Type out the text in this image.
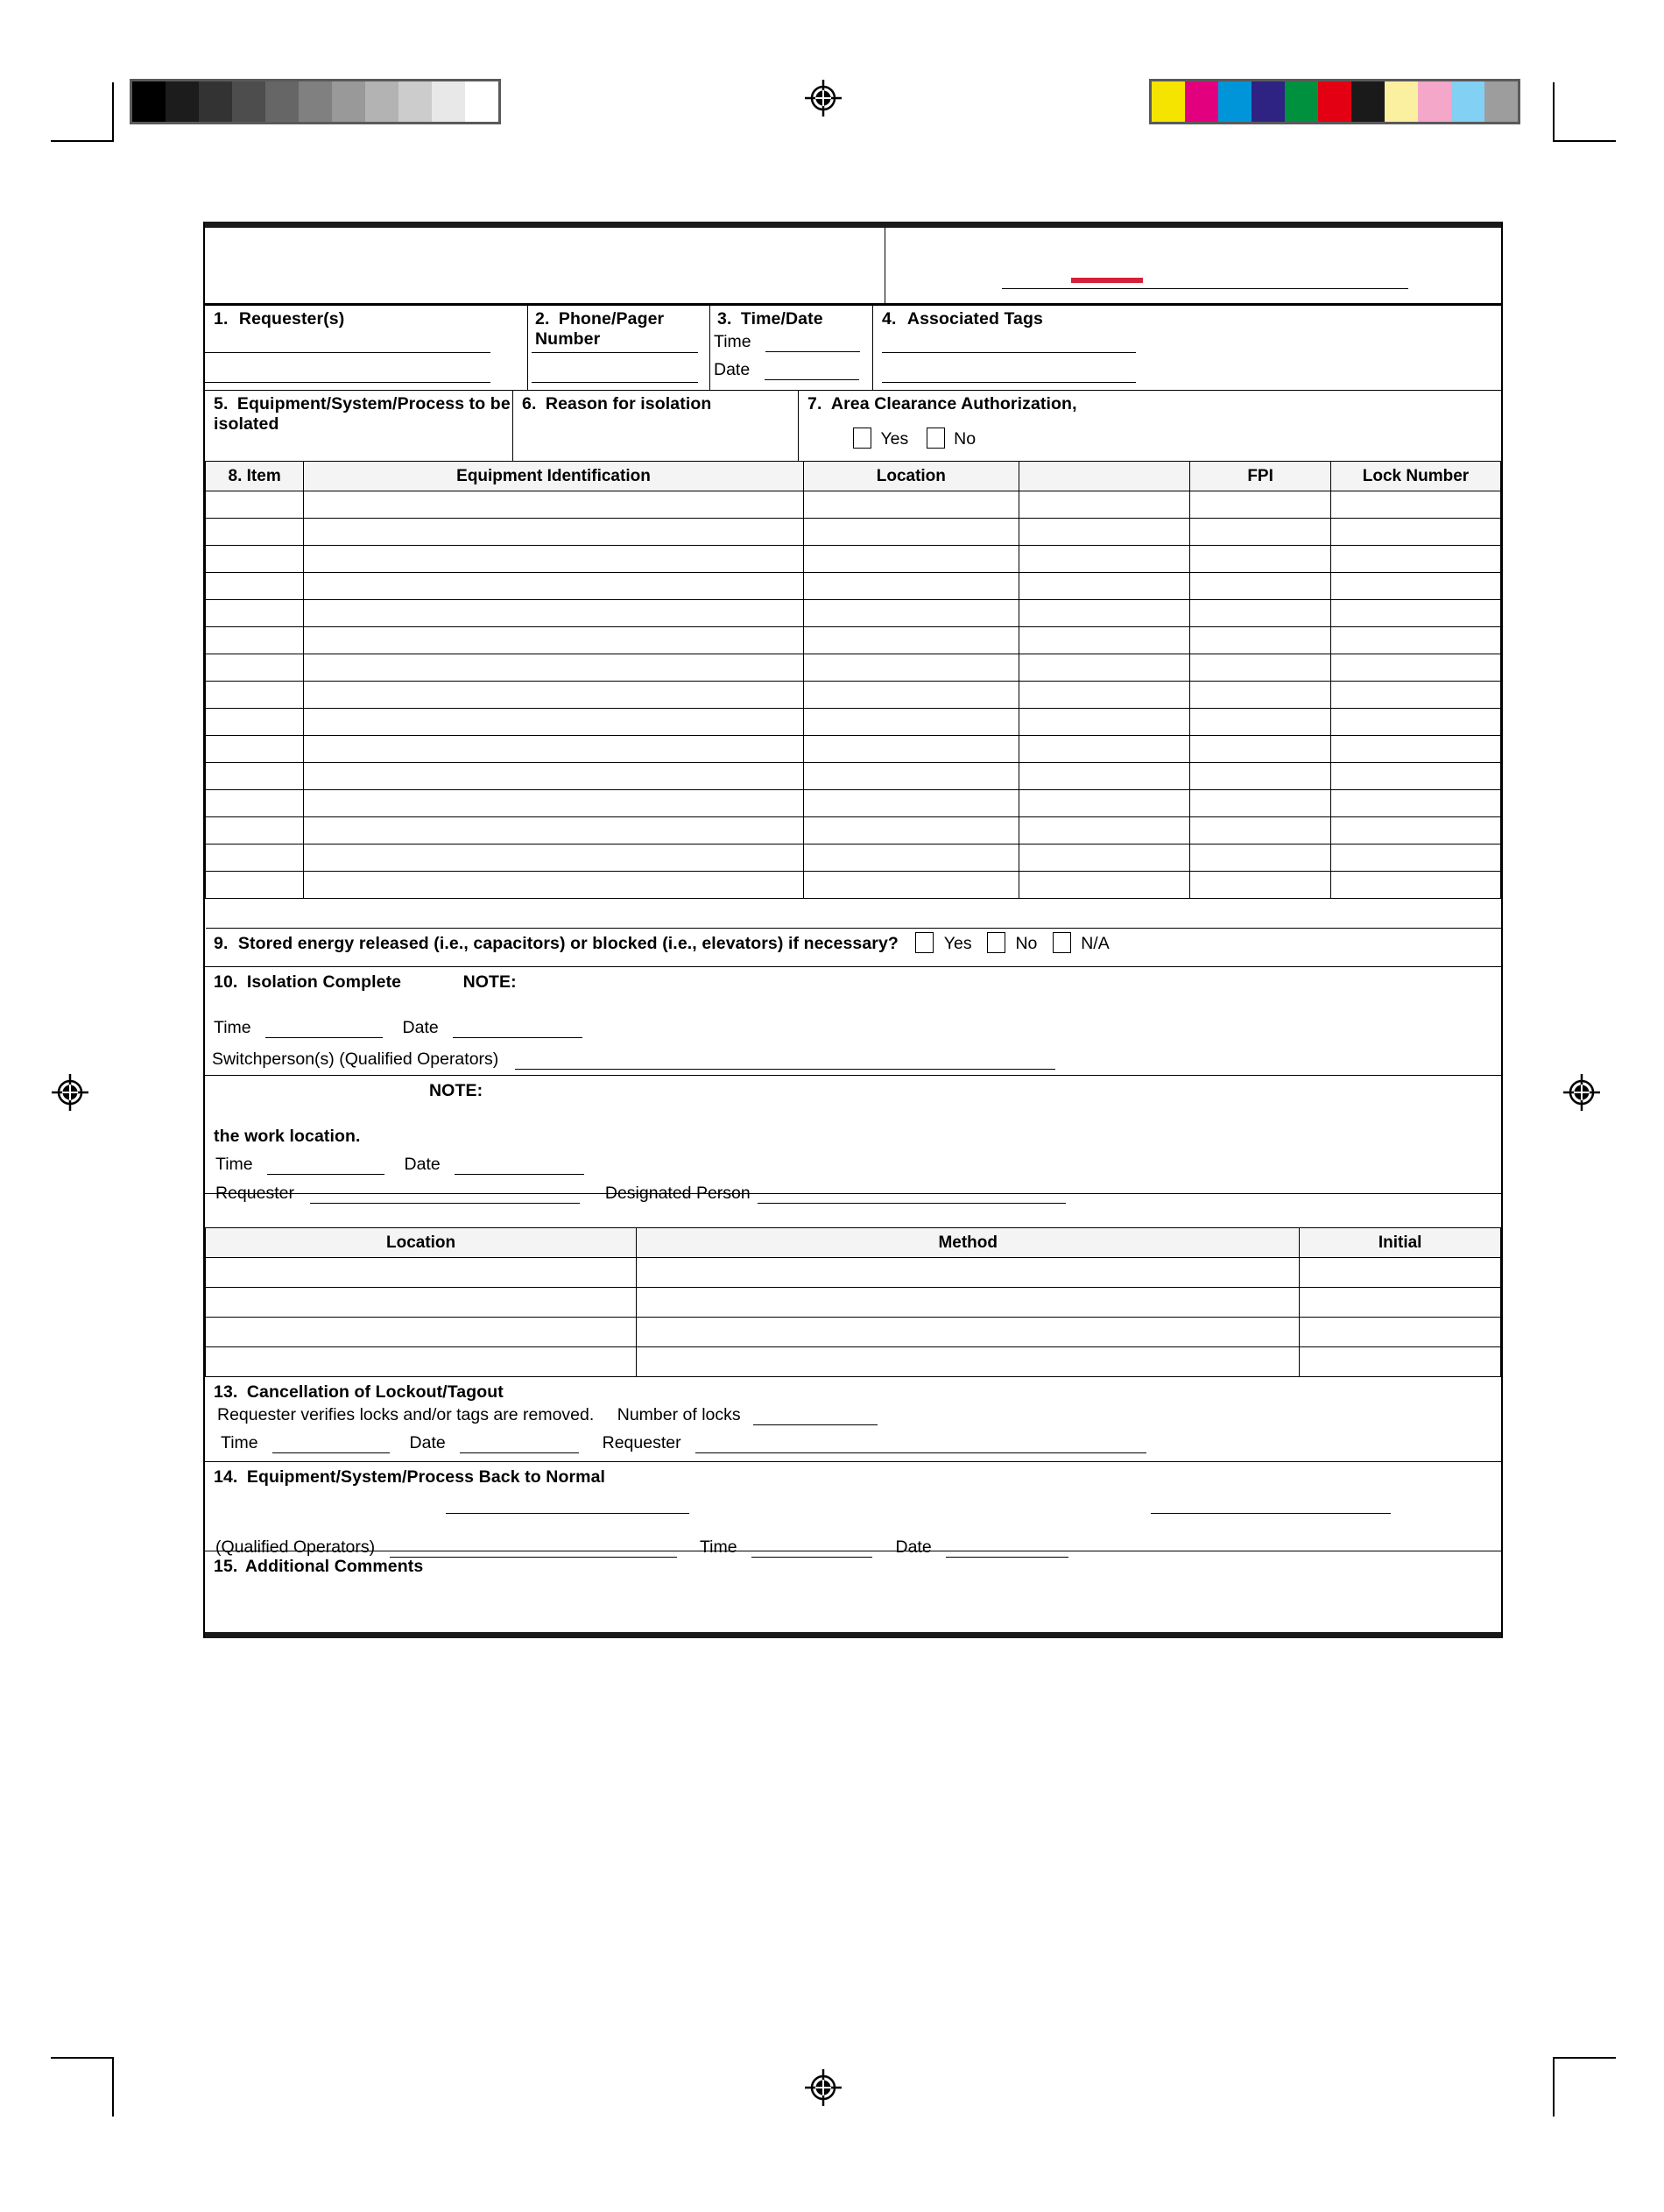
1. Requester(s)	2. Phone/Pager Number
3. Time/Date
Time
Date
4. Associated Tags
5. Equipment/System/Process to be isolated
6. Reason for isolation	7. Area Clearance Authorization,
Yes	No
8. Item	Equipment Identification	Location		FPI	Lock Number

9. Stored energy released (i.e., capacitors) or blocked (i.e., elevators) if necessary?	Yes	No	N/A
10. Isolation Complete	NOTE:
Time	Date
Switchperson(s) (Qualified Operators)
NOTE:
the work location.
Time	Date
Requester	Designated Person
Location	Method	Initial

13. Cancellation of Lockout/Tagout
Requester verifies locks and/or tags are removed. Number of locks
Time	Date	Requester
14. Equipment/System/Process Back to Normal
(Qualified Operators)	Time	Date
15. Additional Comments
